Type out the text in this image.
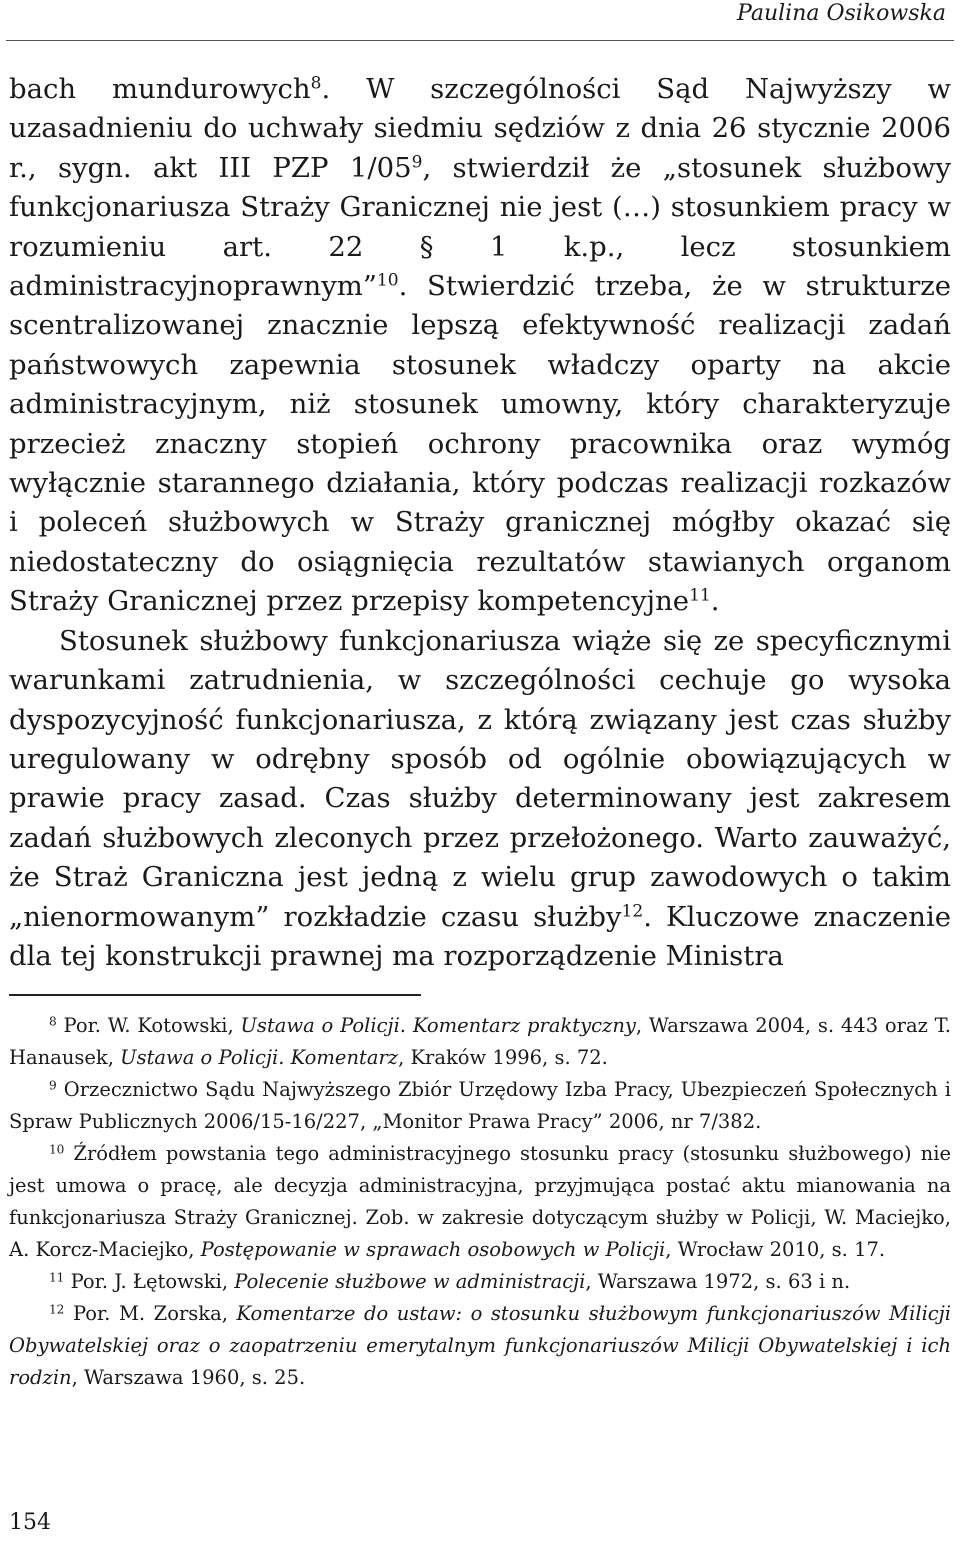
Paulina Osikowska

bach mundurowych$^8$. W szczególności Sąd Najwyższy w uzasadnieniu do uchwały siedmiu sędziów z dnia 26 stycznie 2006 r., sygn. akt III PZP $1/05^9$, stwierdził że „stosunek służbowy funkcjonariusza Straży Granicznej nie jest (…) stosunkiem pracy w rozumieniu art. 22 § 1 k.p., lecz stosunkiem administracyjnoprawnym”$^{10}$. Stwierdzić trzeba, że w strukturze scentralizowanej znacznie lepszą efektywność realizacji zadań państwowych zapewnia stosunek władczy oparty na akcie administracyjnym, niż stosunek umowny, który charakteryzuje przecież znaczny stopień ochrony pracownika oraz wymóg wyłącznie starannego działania, który podczas realizacji rozkazów i poleceń służbowych w Straży granicznej mógłby okazać się niedostateczny do osiągnięcia rezultatów stawianych organom Straży Granicznej przez przepisy kompetencyjne$^{11}$.

Stosunek służbowy funkcjonariusza wiąże się ze specyficznymi warunkami zatrudnienia, w szczególności cechuje go wysoka dyspozycyjność funkcjonariusza, z którą związany jest czas służby uregulowany w odrębny sposób od ogólnie obowiązujących w prawie pracy zasad. Czas służby determinowany jest zakresem zadań służbowych zleconych przez przełożonego. Warto zauważyć, że Straż Graniczna jest jedną z wielu grup zawodowych o takim „nienormowanym” rozkładzie czasu służby$^{12}$. Kluczowe znaczenie dla tej konstrukcji prawnej ma rozporządzenie Ministra

$^8$ Por. W. Kotowski, Ustawa o Policji. Komentarz praktyczny, Warszawa 2004, s. 443 oraz T. Hanausek, Ustawa o Policji. Komentarz, Kraków 1996, s. 72.

$^9$ Orzecznictwo Sądu Najwyższego Zbiór Urzędowy Izba Pracy, Ubezpieczeń Społecznych i Spraw Publicznych 2006/15-16/227, „Monitor Prawa Pracy” 2006, nr 7/382.

$^{10}$ Źródłem powstania tego administracyjnego stosunku pracy (stosunku służbowego) nie jest umowa o pracę, ale decyzja administracyjna, przyjmująca postać aktu mianowania na funkcjonariusza Straży Granicznej. Zob. w zakresie dotyczącym służby w Policji, W. Maciejko, A. Korcz-Maciejko, Postępowanie w sprawach osobowych w Policji, Wrocław 2010, s. 17.

$^{11}$ Por. J. Łętowski, Polecenie służbowe w administracji, Warszawa 1972, s. 63 i n.

$^{12}$ Por. M. Zorska, Komentarze do ustaw: o stosunku służbowym funkcjonariuszów Milicji Obywatelskiej oraz o zaopatrzeniu emerytalnym funkcjonariuszów Milicji Obywatelskiej i ich rodzin, Warszawa 1960, s. 25.

154
